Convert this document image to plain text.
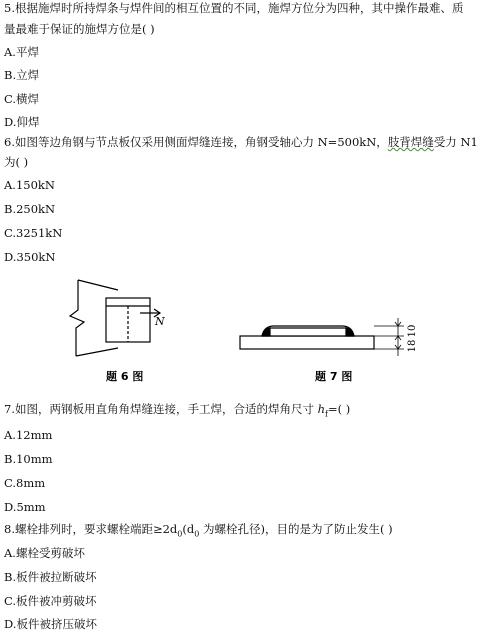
5.根据施焊时所持焊条与焊件间的相互位置的不同，施焊方位分为四种，其中操作最难、质
量最难于保证的施焊方位是( )
A.平焊
B.立焊
C.横焊
D.仰焊
6.如图等边角钢与节点板仅采用侧面焊缝连接，角钢受轴心力 N=500kN，肢背焊缝受力 N1
为( )
A.150kN
B.250kN
C.3251kN
D.350kN
N
题 6 图
10
18
题 7 图
7.如图，两钢板用直角角焊缝连接，手工焊，合适的焊角尺寸 $h_f=$( )
A.12mm
B.10mm
C.8mm
D.5mm
8.螺栓排列时，要求螺栓端距$\ge 2d_0(d_0$ 为螺栓孔径)，目的是为了防止发生( )
A.螺栓受剪破坏
B.板件被拉断破坏
C.板件被冲剪破坏
D.板件被挤压破坏
